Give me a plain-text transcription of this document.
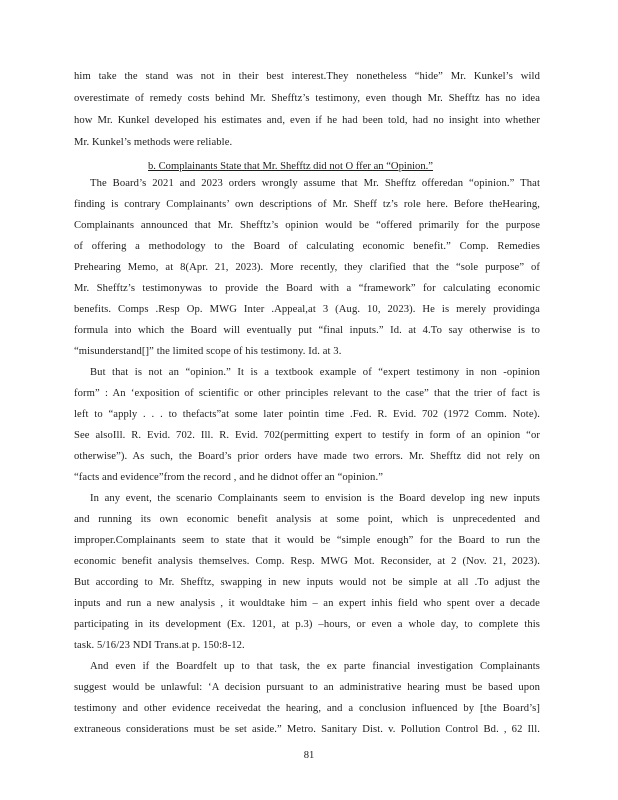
him take the stand was not in their best interest.They nonetheless “hide” Mr. Kunkel’s wild
overestimate of remedy costs behind Mr. Shefftz’s testimony, even though Mr. Shefftz has no idea
how Mr. Kunkel developed his estimates and, even if he had been told, had no insight into whether
Mr. Kunkel’s methods were reliable.
b. Complainants State that Mr. Shefftz did not O ffer an “Opinion.”
The Board’s 2021 and 2023 orders wrongly assume that Mr. Shefftz offeredan “opinion.” That
finding is contrary Complainants’ own descriptions of Mr. Sheff tz’s role here. Before theHearing,
Complainants announced that Mr. Shefftz’s opinion would be “offered primarily for the purpose
of offering a methodology to the Board of calculating economic benefit.” Comp. Remedies
Prehearing Memo, at 8(Apr. 21, 2023). More recently, they clarified that the “sole purpose” of
Mr. Shefftz’s testimonywas to provide the Board with a “framework” for calculating economic
benefits. Comps .Resp Op. MWG Inter .Appeal,at 3 (Aug. 10, 2023). He is merely providinga
formula into which the Board will eventually put “final inputs.” Id. at 4.To say otherwise is to
“misunderstand[]” the limited scope of his testimony. Id. at 3.
But that is not an “opinion.” It is a textbook example of “expert testimony in non -opinion
form” : An ‘exposition of scientific or other principles relevant to the case” that the trier of fact is
left to “apply . . . to thefacts”at some later pointin time .Fed. R. Evid. 702 (1972 Comm. Note).
See alsoIll. R. Evid. 702. Ill. R. Evid. 702(permitting expert to testify in form of an opinion “or
otherwise”). As such, the Board’s prior orders have made two errors. Mr. Shefftz did not rely on
“facts and evidence”from the record , and he didnot offer an “opinion.”
In any event, the scenario Complainants seem to envision is the Board develop ing new inputs
and running its own economic benefit analysis at some point, which is unprecedented and
improper.Complainants seem to state that it would be “simple enough” for the Board to run the
economic benefit analysis themselves. Comp. Resp. MWG Mot. Reconsider, at 2 (Nov. 21, 2023).
But according to Mr. Shefftz, swapping in new inputs would not be simple at all .To adjust the
inputs and run a new analysis , it wouldtake him – an expert inhis field who spent over a decade
participating in its development (Ex. 1201, at p.3) –hours, or even a whole day, to complete this
task. 5/16/23 NDI Trans.at p. 150:8-12.
And even if the Boardfelt up to that task, the ex parte financial investigation Complainants
suggest would be unlawful: ‘A decision pursuant to an administrative hearing must be based upon
testimony and other evidence receivedat the hearing, and a conclusion influenced by [the Board’s]
extraneous considerations must be set aside.” Metro. Sanitary Dist. v. Pollution Control Bd. , 62 Ill.
81
